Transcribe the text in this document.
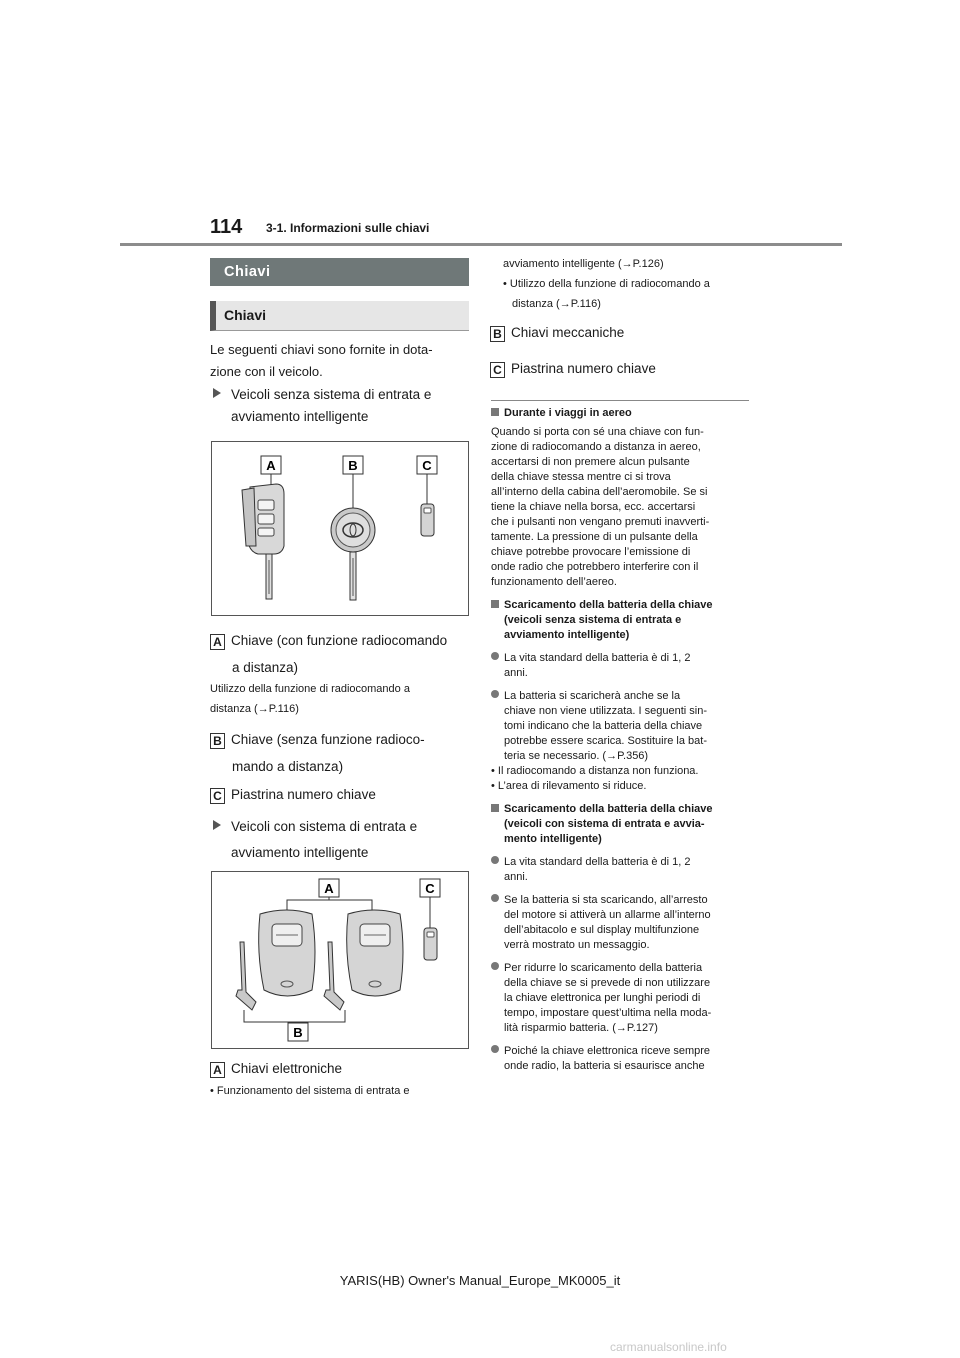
114 3-1. Informazioni sulle chiavi
Chiavi
Chiavi
Le seguenti chiavi sono fornite in dota-
zione con il veicolo.
Veicoli senza sistema di entrata e
avviamento intelligente
A	B	C
A Chiave (con funzione radiocomando
a distanza)
Utilizzo della funzione di radiocomando a
distanza (→P.116)
B Chiave (senza funzione radioco-
mando a distanza)
C Piastrina numero chiave
Veicoli con sistema di entrata e
avviamento intelligente
A	C
B
A Chiavi elettroniche
• Funzionamento del sistema di entrata e
avviamento intelligente (→P.126)
• Utilizzo della funzione di radiocomando a
distanza (→P.116)
B Chiavi meccaniche
C Piastrina numero chiave
Durante i viaggi in aereo
Quando si porta con sé una chiave con fun-
zione di radiocomando a distanza in aereo,
accertarsi di non premere alcun pulsante
della chiave stessa mentre ci si trova
all’interno della cabina dell’aeromobile. Se si
tiene la chiave nella borsa, ecc. accertarsi
che i pulsanti non vengano premuti inavverti-
tamente. La pressione di un pulsante della
chiave potrebbe provocare l’emissione di
onde radio che potrebbero interferire con il
funzionamento dell’aereo.
Scaricamento della batteria della chiave
(veicoli senza sistema di entrata e
avviamento intelligente)
La vita standard della batteria è di 1, 2
anni.
La batteria si scaricherà anche se la
chiave non viene utilizzata. I seguenti sin-
tomi indicano che la batteria della chiave
potrebbe essere scarica. Sostituire la bat-
teria se necessario. (→P.356)
• Il radiocomando a distanza non funziona.
• L’area di rilevamento si riduce.
Scaricamento della batteria della chiave
(veicoli con sistema di entrata e avvia-
mento intelligente)
La vita standard della batteria è di 1, 2
anni.
Se la batteria si sta scaricando, all’arresto
del motore si attiverà un allarme all’interno
dell’abitacolo e sul display multifunzione
verrà mostrato un messaggio.
Per ridurre lo scaricamento della batteria
della chiave se si prevede di non utilizzare
la chiave elettronica per lunghi periodi di
tempo, impostare quest’ultima nella moda-
lità risparmio batteria. (→P.127)
Poiché la chiave elettronica riceve sempre
onde radio, la batteria si esaurisce anche
YARIS(HB) Owner's Manual_Europe_MK0005_it
carmanualsonline.info
